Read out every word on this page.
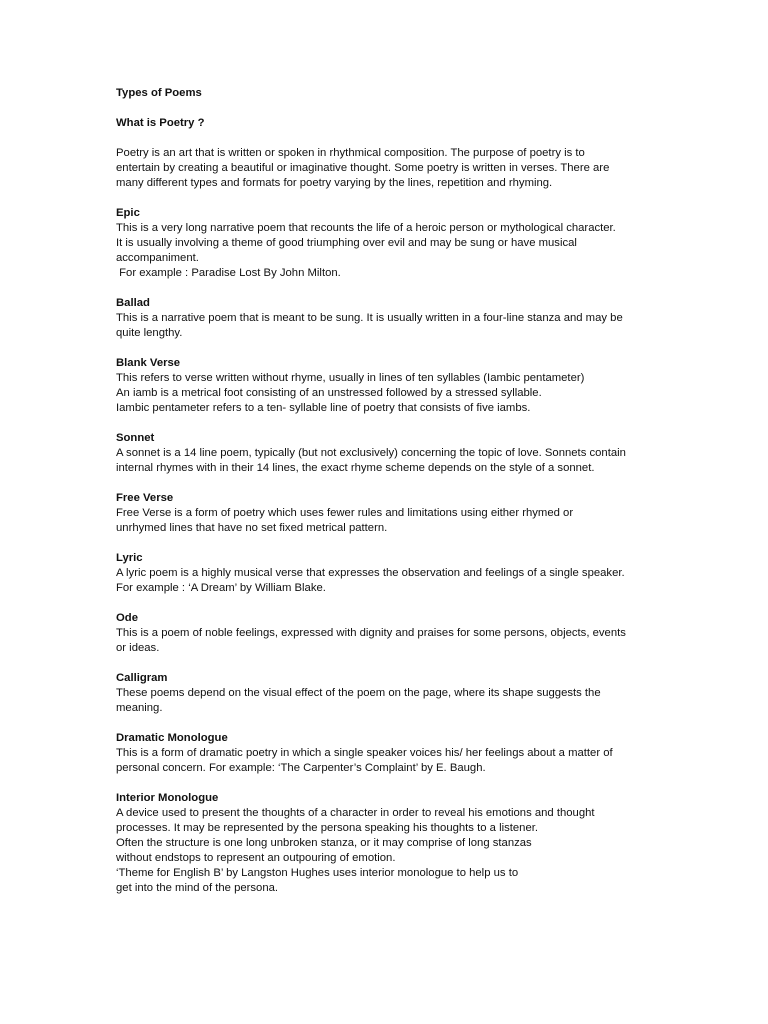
Types of Poems

What is Poetry ?

Poetry is an art that is written or spoken in rhythmical composition. The purpose of poetry is to
entertain by creating a beautiful or imaginative thought. Some poetry is written in verses. There are
many different types and formats for poetry varying by the lines, repetition and rhyming.

Epic

This is a very long narrative poem that recounts the life of a heroic person or mythological character.
It is usually involving a theme of good triumphing over evil and may be sung or have musical
accompaniment.
For example : Paradise Lost By John Milton.

Ballad

This is a narrative poem that is meant to be sung. It is usually written in a four-line stanza and may be
quite lengthy.

Blank Verse

This refers to verse written without rhyme, usually in lines of ten syllables (Iambic pentameter)
An iamb is a metrical foot consisting of an unstressed followed by a stressed syllable.
Iambic pentameter refers to a ten- syllable line of poetry that consists of five iambs.

Sonnet

A sonnet is a 14 line poem, typically (but not exclusively) concerning the topic of love. Sonnets contain
internal rhymes with in their 14 lines, the exact rhyme scheme depends on the style of a sonnet.

Free Verse

Free Verse is a form of poetry which uses fewer rules and limitations using either rhymed or
unrhymed lines that have no set fixed metrical pattern.

Lyric

A lyric poem is a highly musical verse that expresses the observation and feelings of a single speaker.
For example : ‘A Dream’ by William Blake.

Ode

This is a poem of noble feelings, expressed with dignity and praises for some persons, objects, events
or ideas.

Calligram

These poems depend on the visual effect of the poem on the page, where its shape suggests the
meaning.

Dramatic Monologue

This is a form of dramatic poetry in which a single speaker voices his/ her feelings about a matter of
personal concern. For example: ‘The Carpenter’s Complaint’ by E. Baugh.

Interior Monologue

A device used to present the thoughts of a character in order to reveal his emotions and thought
processes. It may be represented by the persona speaking his thoughts to a listener.
Often the structure is one long unbroken stanza, or it may comprise of long stanzas
without endstops to represent an outpouring of emotion.
‘Theme for English B’ by Langston Hughes uses interior monologue to help us to
get into the mind of the persona.
